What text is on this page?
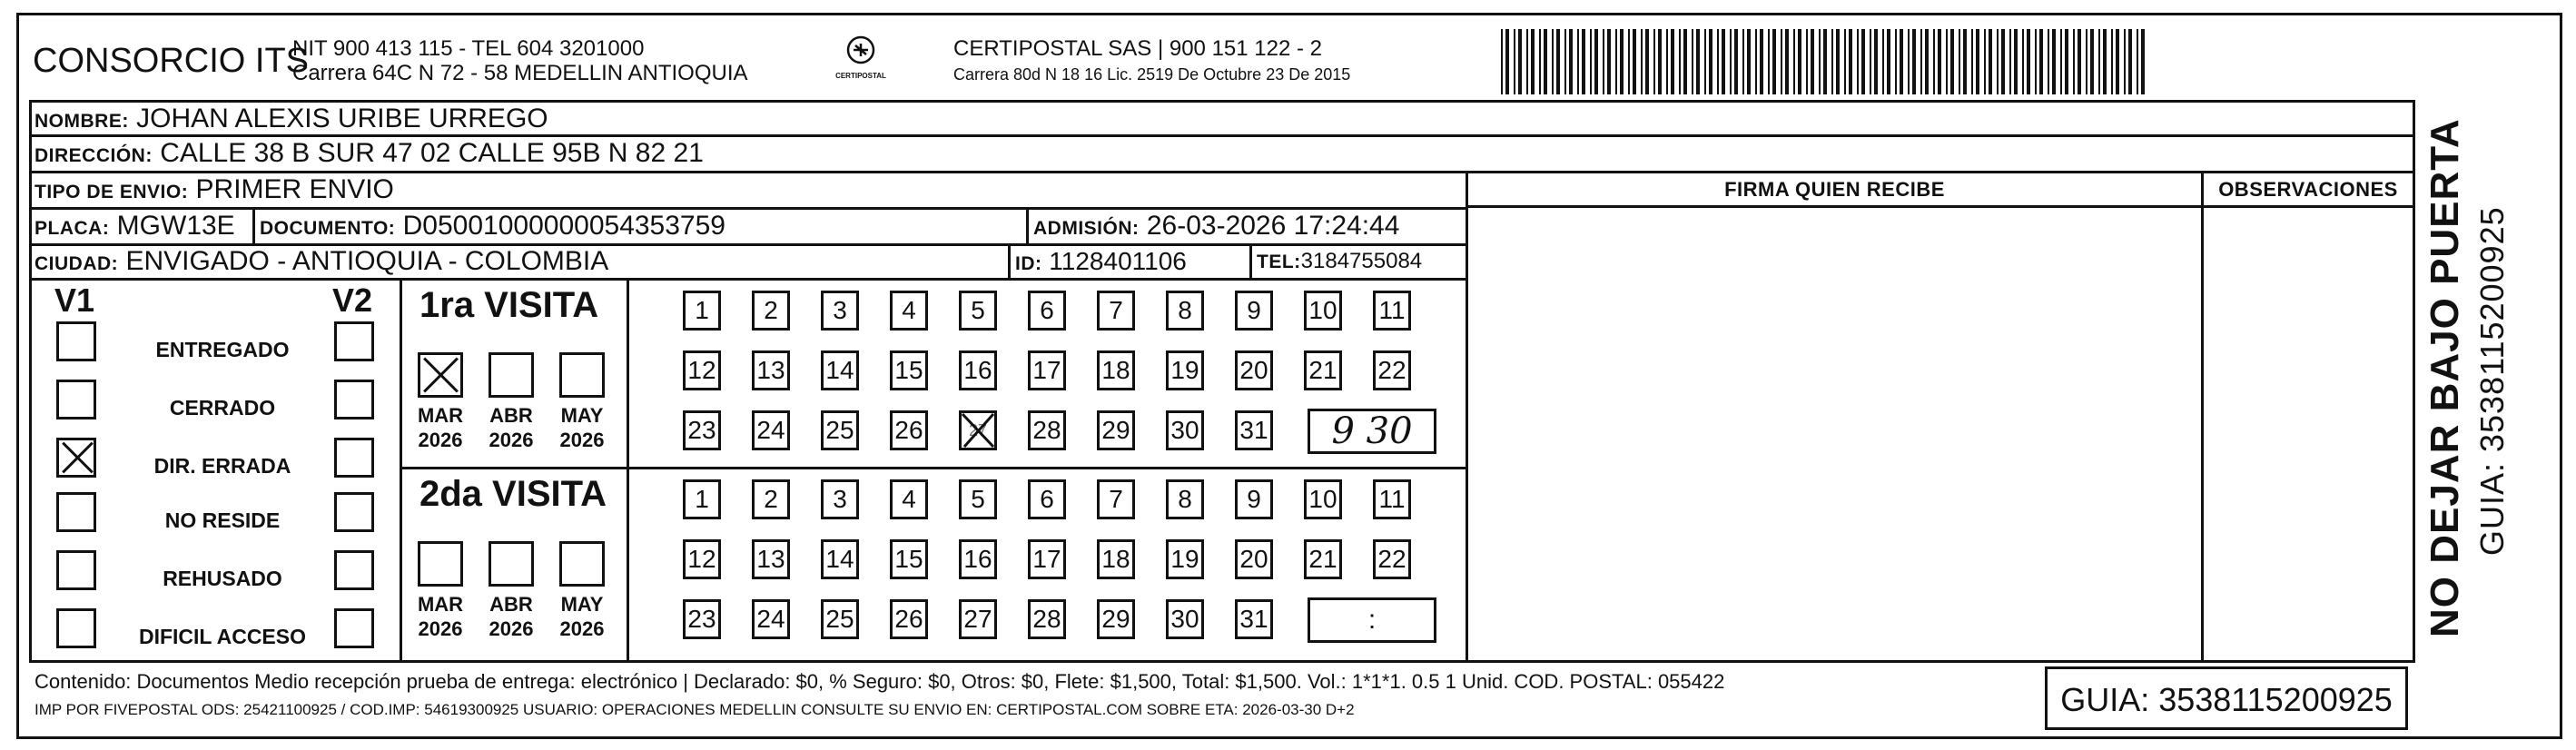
CONSORCIO ITS
NIT 900 413 115 - TEL 604 3201000
Carrera 64C N 72 - 58 MEDELLIN ANTIOQUIA	CERTIPOSTAL
CERTIPOSTAL SAS | 900 151 122 - 2
Carrera 80d N 18 16 Lic. 2519 De Octubre 23 De 2015
NOMBRE: JOHAN ALEXIS URIBE URREGO
DIRECCIÓN: CALLE 38 B SUR 47 02 CALLE 95B N 82 21
TIPO DE ENVIO: PRIMER ENVIO
PLACA: MGW13E DOCUMENTO: D05001000000054353759	ADMISIÓN: 26-03-2026 17:24:44
CIUDAD: ENVIGADO - ANTIOQUIA - COLOMBIA	ID: 1128401106	TEL:3184755084
FIRMA QUIEN RECIBE	OBSERVACIONES
V1	V2
ENTREGADO
CERRADO
DIR. ERRADA
NO RESIDE
REHUSADO
DIFICIL ACCESO
1ra VISITA
MAR
2026
ABR
2026
MAY
2026
1	2	3	4	5	6	7	8	9	10 11
12 13 14 15 16 17 18 19 20 21 22
23 24 25 26	27 28 29 30 31	9 30
2da VISITA
MAR
2026
ABR
2026
MAY
2026
1	2	3	4	5	6	7	8	9	10 11
12 13 14 15 16 17 18 19 20 21 22
23 24 25 26 27 28 29 30 31	:	NO DEJAR BAJO PUERTA GUIA: 3538115200925
Contenido: Documentos Medio recepción prueba de entrega: electrónico | Declarado: $0, % Seguro: $0, Otros: $0, Flete: $1,500, Total: $1,500. Vol.: 1*1*1. 0.5 1 Unid. COD. POSTAL: 055422
IMP POR FIVEPOSTAL ODS: 25421100925 / COD.IMP: 54619300925 USUARIO: OPERACIONES MEDELLIN CONSULTE SU ENVIO EN: CERTIPOSTAL.COM SOBRE ETA: 2026-03-30 D+2	GUIA: 3538115200925
